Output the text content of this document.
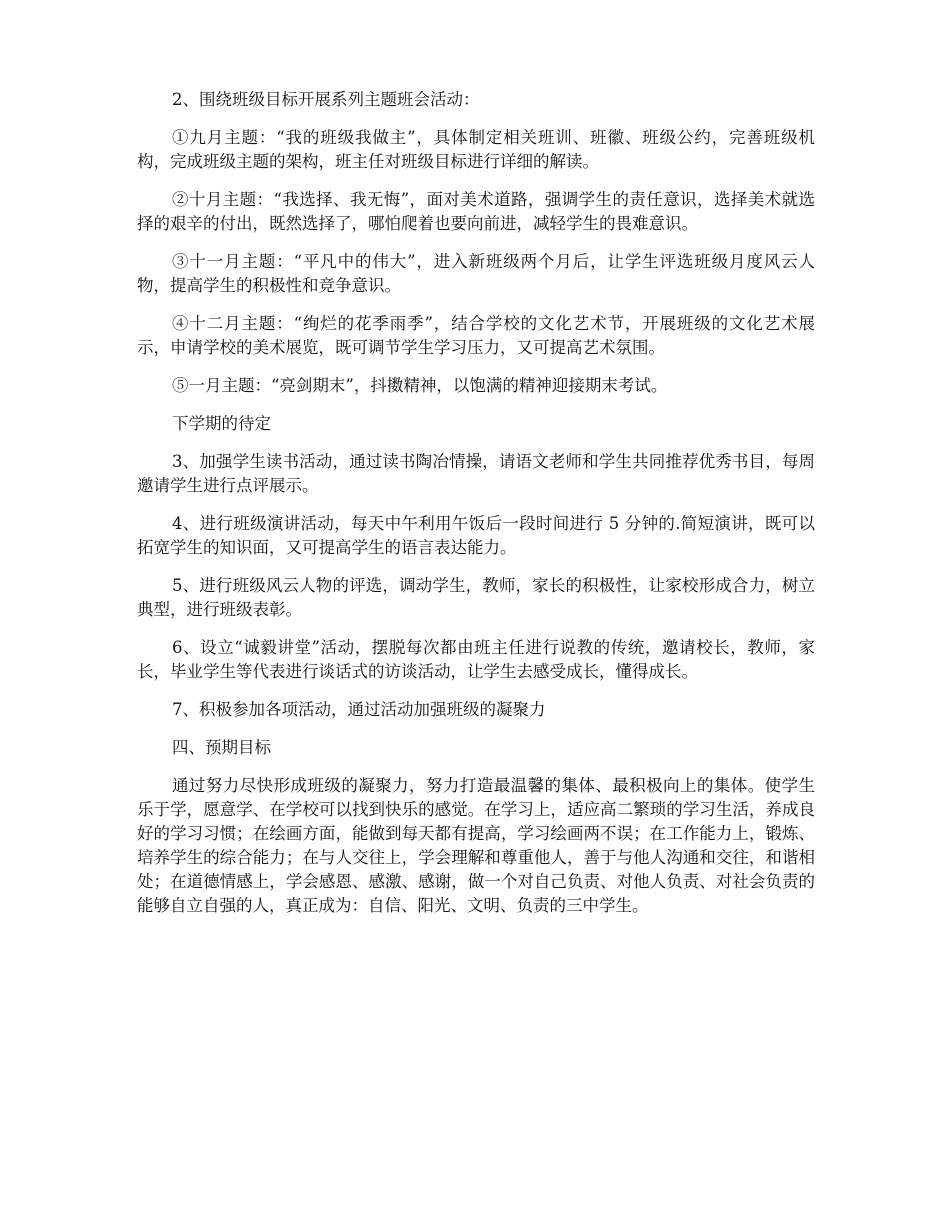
2、围绕班级目标开展系列主题班会活动：

①九月主题：“我的班级我做主”，具体制定相关班训、班徽、班级公约，完善班级机构，完成班级主题的架构，班主任对班级目标进行详细的解读。

②十月主题：“我选择、我无悔”，面对美术道路，强调学生的责任意识，选择美术就选择的艰辛的付出，既然选择了，哪怕爬着也要向前进，减轻学生的畏难意识。

③十一月主题：“平凡中的伟大”，进入新班级两个月后，让学生评选班级月度风云人物，提高学生的积极性和竞争意识。

④十二月主题：“绚烂的花季雨季”，结合学校的文化艺术节，开展班级的文化艺术展示，申请学校的美术展览，既可调节学生学习压力，又可提高艺术氛围。

⑤一月主题：“亮剑期末”，抖擞精神，以饱满的精神迎接期末考试。

下学期的待定

3、加强学生读书活动，通过读书陶冶情操，请语文老师和学生共同推荐优秀书目，每周邀请学生进行点评展示。

4、进行班级演讲活动，每天中午利用午饭后一段时间进行 5 分钟的.简短演讲，既可以拓宽学生的知识面，又可提高学生的语言表达能力。

5、进行班级风云人物的评选，调动学生，教师，家长的积极性，让家校形成合力，树立典型，进行班级表彰。

6、设立“诚毅讲堂”活动，摆脱每次都由班主任进行说教的传统，邀请校长，教师，家长，毕业学生等代表进行谈话式的访谈活动，让学生去感受成长，懂得成长。

7、积极参加各项活动，通过活动加强班级的凝聚力

四、预期目标

通过努力尽快形成班级的凝聚力，努力打造最温馨的集体、最积极向上的集体。使学生乐于学，愿意学、在学校可以找到快乐的感觉。在学习上，适应高二繁琐的学习生活，养成良好的学习习惯；在绘画方面，能做到每天都有提高，学习绘画两不误；在工作能力上，锻炼、培养学生的综合能力；在与人交往上，学会理解和尊重他人，善于与他人沟通和交往，和谐相处；在道德情感上，学会感恩、感激、感谢，做一个对自己负责、对他人负责、对社会负责的能够自立自强的人，真正成为：自信、阳光、文明、负责的三中学生。
